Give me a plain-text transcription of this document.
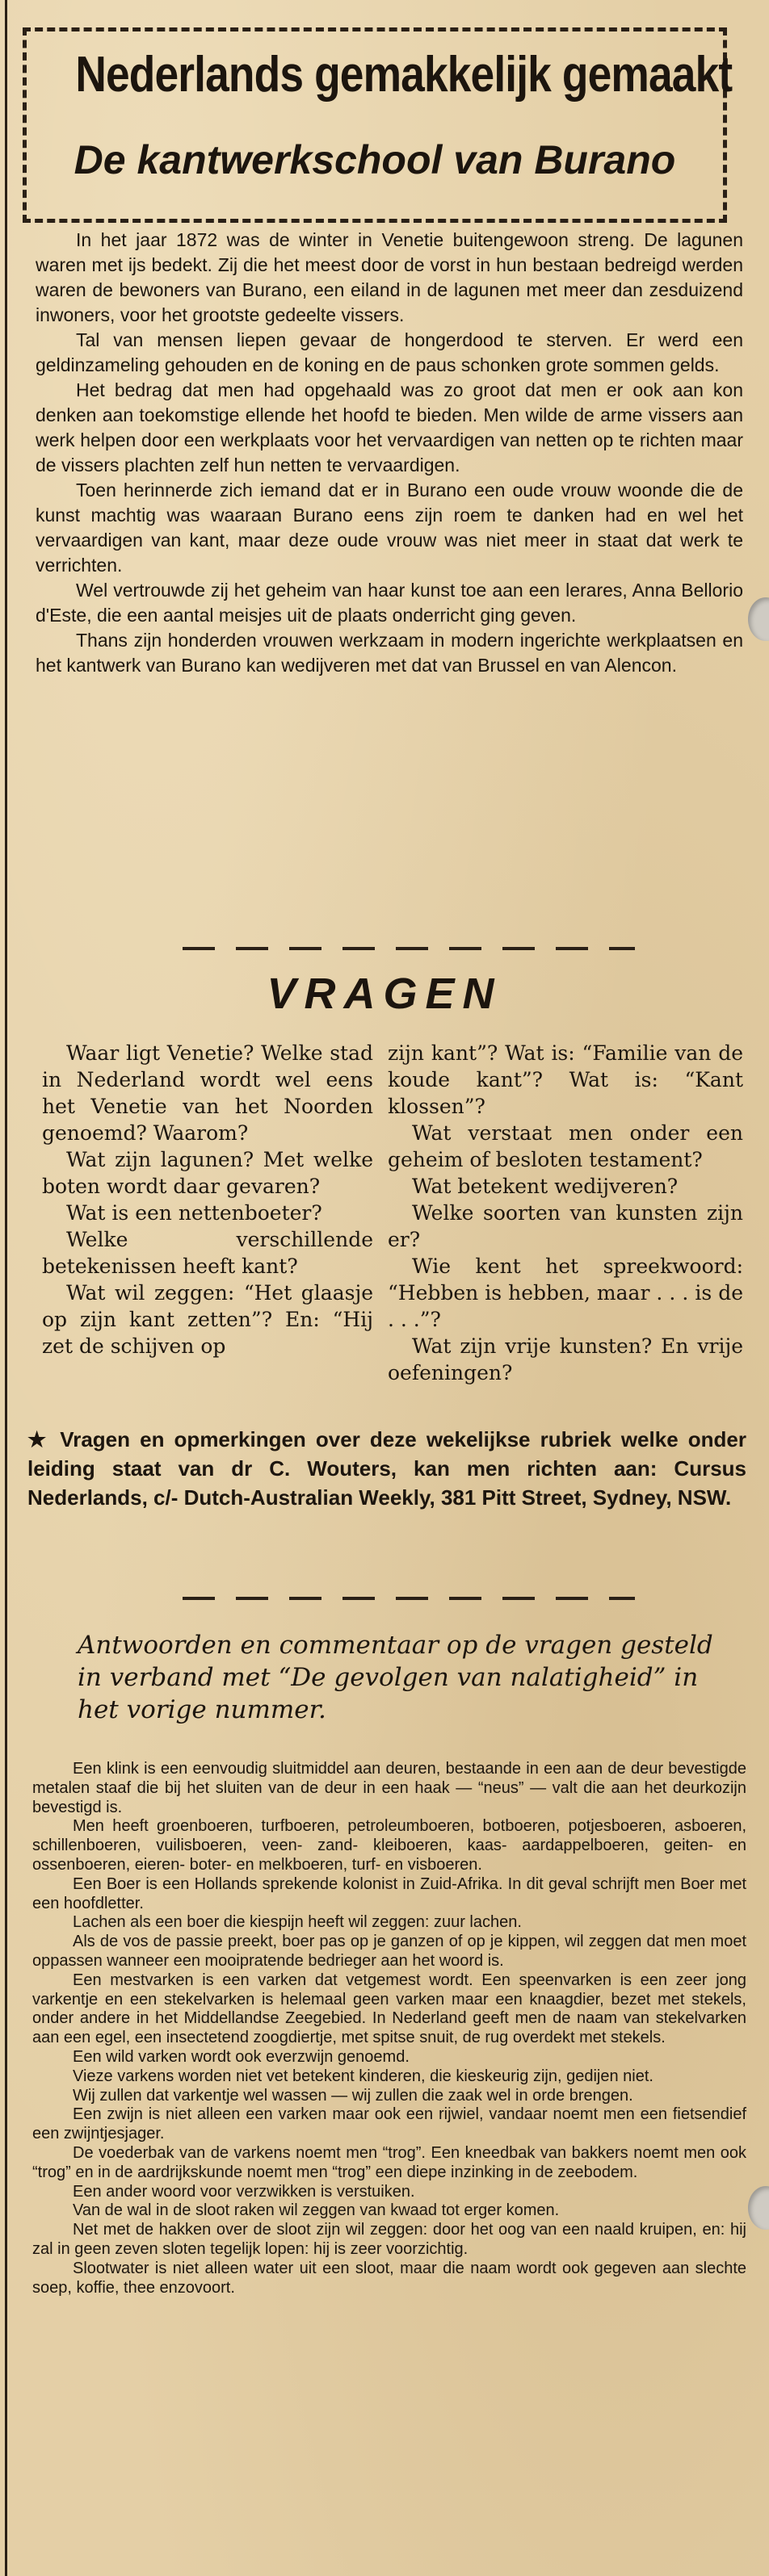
Nederlands gemakkelijk gemaakt
De kantwerkschool van Burano

In het jaar 1872 was de winter in Venetie buitengewoon streng. De lagunen waren met ijs bedekt. Zij die het meest door de vorst in hun bestaan bedreigd werden waren de bewoners van Burano, een eiland in de lagunen met meer dan zesduizend inwoners, voor het grootste gedeelte vissers.

Tal van mensen liepen gevaar de hongerdood te sterven. Er werd een geldinzameling gehouden en de koning en de paus schonken grote sommen gelds.

Het bedrag dat men had opgehaald was zo groot dat men er ook aan kon denken aan toekomstige ellende het hoofd te bieden. Men wilde de arme vissers aan werk helpen door een werkplaats voor het vervaardigen van netten op te richten maar de vissers plachten zelf hun netten te vervaardigen.

Toen herinnerde zich iemand dat er in Burano een oude vrouw woonde die de kunst machtig was waaraan Burano eens zijn roem te danken had en wel het vervaardigen van kant, maar deze oude vrouw was niet meer in staat dat werk te verrichten.

Wel vertrouwde zij het geheim van haar kunst toe aan een lerares, Anna Bellorio d'Este, die een aantal meisjes uit de plaats onderricht ging geven.

Thans zijn honderden vrouwen werkzaam in modern ingerichte werkplaatsen en het kantwerk van Burano kan wedijveren met dat van Brussel en van Alencon.

VRAGEN

Waar ligt Venetie? Welke stad in Nederland wordt wel eens het Venetie van het Noorden genoemd? Waarom?

Wat zijn lagunen? Met welke boten wordt daar gevaren?

Wat is een nettenboeter?

Welke verschillende betekenissen heeft kant?

Wat wil zeggen: “Het glaasje op zijn kant zetten”? En: “Hij zet de schijven op

zijn kant”? Wat is: “Familie van de koude kant”? Wat is: “Kant klossen”?

Wat verstaat men onder een geheim of besloten testament?

Wat betekent wedijveren?

Welke soorten van kunsten zijn er?

Wie kent het spreekwoord: “Hebben is hebben, maar . . . is de . . .”?

Wat zijn vrije kunsten? En vrije oefeningen?

★ Vragen en opmerkingen over deze wekelijkse rubriek welke onder leiding staat van dr C. Wouters, kan men richten aan: Cursus Nederlands, c/- Dutch-Australian Weekly, 381 Pitt Street, Sydney, NSW.
Antwoorden en commentaar op de vragen gesteld in verband met “De gevolgen van nalatigheid” in het vorige nummer.

Een klink is een eenvoudig sluitmiddel aan deuren, bestaande in een aan de deur bevestigde metalen staaf die bij het sluiten van de deur in een haak — “neus” — valt die aan het deurkozijn bevestigd is.

Men heeft groenboeren, turfboeren, petroleumboeren, botboeren, potjesboeren, asboeren, schillenboeren, vuilisboeren, veen- zand- kleiboeren, kaas- aardappelboeren, geiten- en ossenboeren, eieren- boter- en melkboeren, turf- en visboeren.

Een Boer is een Hollands sprekende kolonist in Zuid-Afrika. In dit geval schrijft men Boer met een hoofdletter.

Lachen als een boer die kiespijn heeft wil zeggen: zuur lachen.

Als de vos de passie preekt, boer pas op je ganzen of op je kippen, wil zeggen dat men moet oppassen wanneer een mooipratende bedrieger aan het woord is.

Een mestvarken is een varken dat vetgemest wordt. Een speenvarken is een zeer jong varkentje en een stekelvarken is helemaal geen varken maar een knaagdier, bezet met stekels, onder andere in het Middellandse Zeegebied. In Nederland geeft men de naam van stekelvarken aan een egel, een insectetend zoogdiertje, met spitse snuit, de rug overdekt met stekels.

Een wild varken wordt ook everzwijn genoemd.

Vieze varkens worden niet vet betekent kinderen, die kieskeurig zijn, gedijen niet.

Wij zullen dat varkentje wel wassen — wij zullen die zaak wel in orde brengen.

Een zwijn is niet alleen een varken maar ook een rijwiel, vandaar noemt men een fietsendief een zwijntjesjager.

De voederbak van de varkens noemt men “trog”. Een kneedbak van bakkers noemt men ook “trog” en in de aardrijkskunde noemt men “trog” een diepe inzinking in de zeebodem.

Een ander woord voor verzwikken is verstuiken.

Van de wal in de sloot raken wil zeggen van kwaad tot erger komen.

Net met de hakken over de sloot zijn wil zeggen: door het oog van een naald kruipen, en: hij zal in geen zeven sloten tegelijk lopen: hij is zeer voorzichtig.

Slootwater is niet alleen water uit een sloot, maar die naam wordt ook gegeven aan slechte soep, koffie, thee enzovoort.
